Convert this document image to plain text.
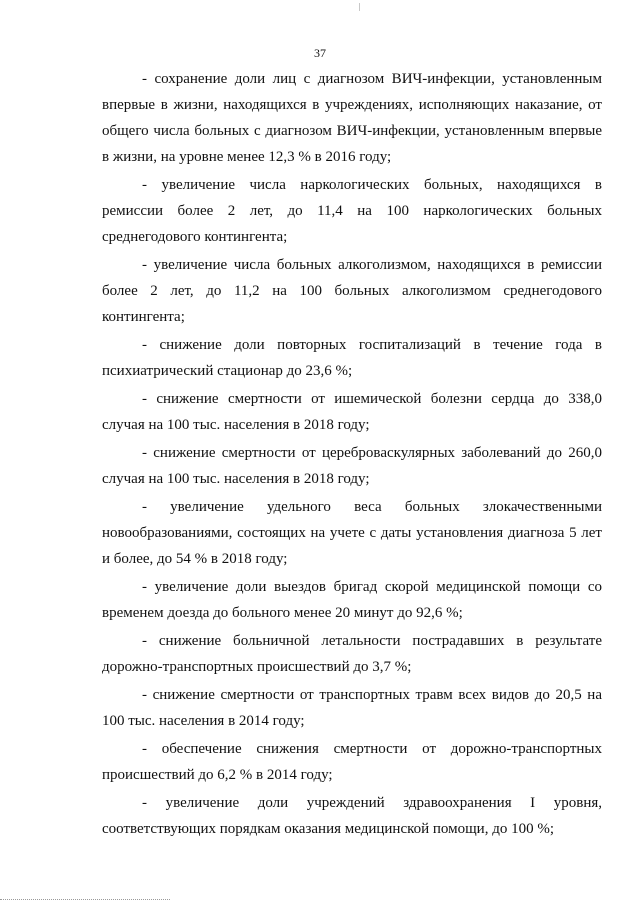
37

- сохранение доли лиц с диагнозом ВИЧ-инфекции, установленным впервые в жизни, находящихся в учреждениях, исполняющих наказание, от общего числа больных с диагнозом ВИЧ-инфекции, установленным впервые в жизни, на уровне менее 12,3 % в 2016 году;

- увеличение числа наркологических больных, находящихся в ремиссии более 2 лет, до 11,4 на 100 наркологических больных среднегодового контингента;

- увеличение числа больных алкоголизмом, находящихся в ремиссии более 2 лет, до 11,2 на 100 больных алкоголизмом среднегодового контингента;

- снижение доли повторных госпитализаций в течение года в психиатрический стационар до 23,6 %;

- снижение смертности от ишемической болезни сердца до 338,0 случая на 100 тыс. населения в 2018 году;

- снижение смертности от цереброваскулярных заболеваний до 260,0 случая на 100 тыс. населения в 2018 году;

- увеличение удельного веса больных злокачественными новообразованиями, состоящих на учете с даты установления диагноза 5 лет и более, до 54 % в 2018 году;

- увеличение доли выездов бригад скорой медицинской помощи со временем доезда до больного менее 20 минут до 92,6 %;

- снижение больничной летальности пострадавших в результате дорожно-транспортных происшествий до 3,7 %;

- снижение смертности от транспортных травм всех видов до 20,5 на 100 тыс. населения в 2014 году;

- обеспечение снижения смертности от дорожно-транспортных происшествий до 6,2 % в 2014 году;

- увеличение доли учреждений здравоохранения I уровня, соответствующих порядкам оказания медицинской помощи, до 100 %;
